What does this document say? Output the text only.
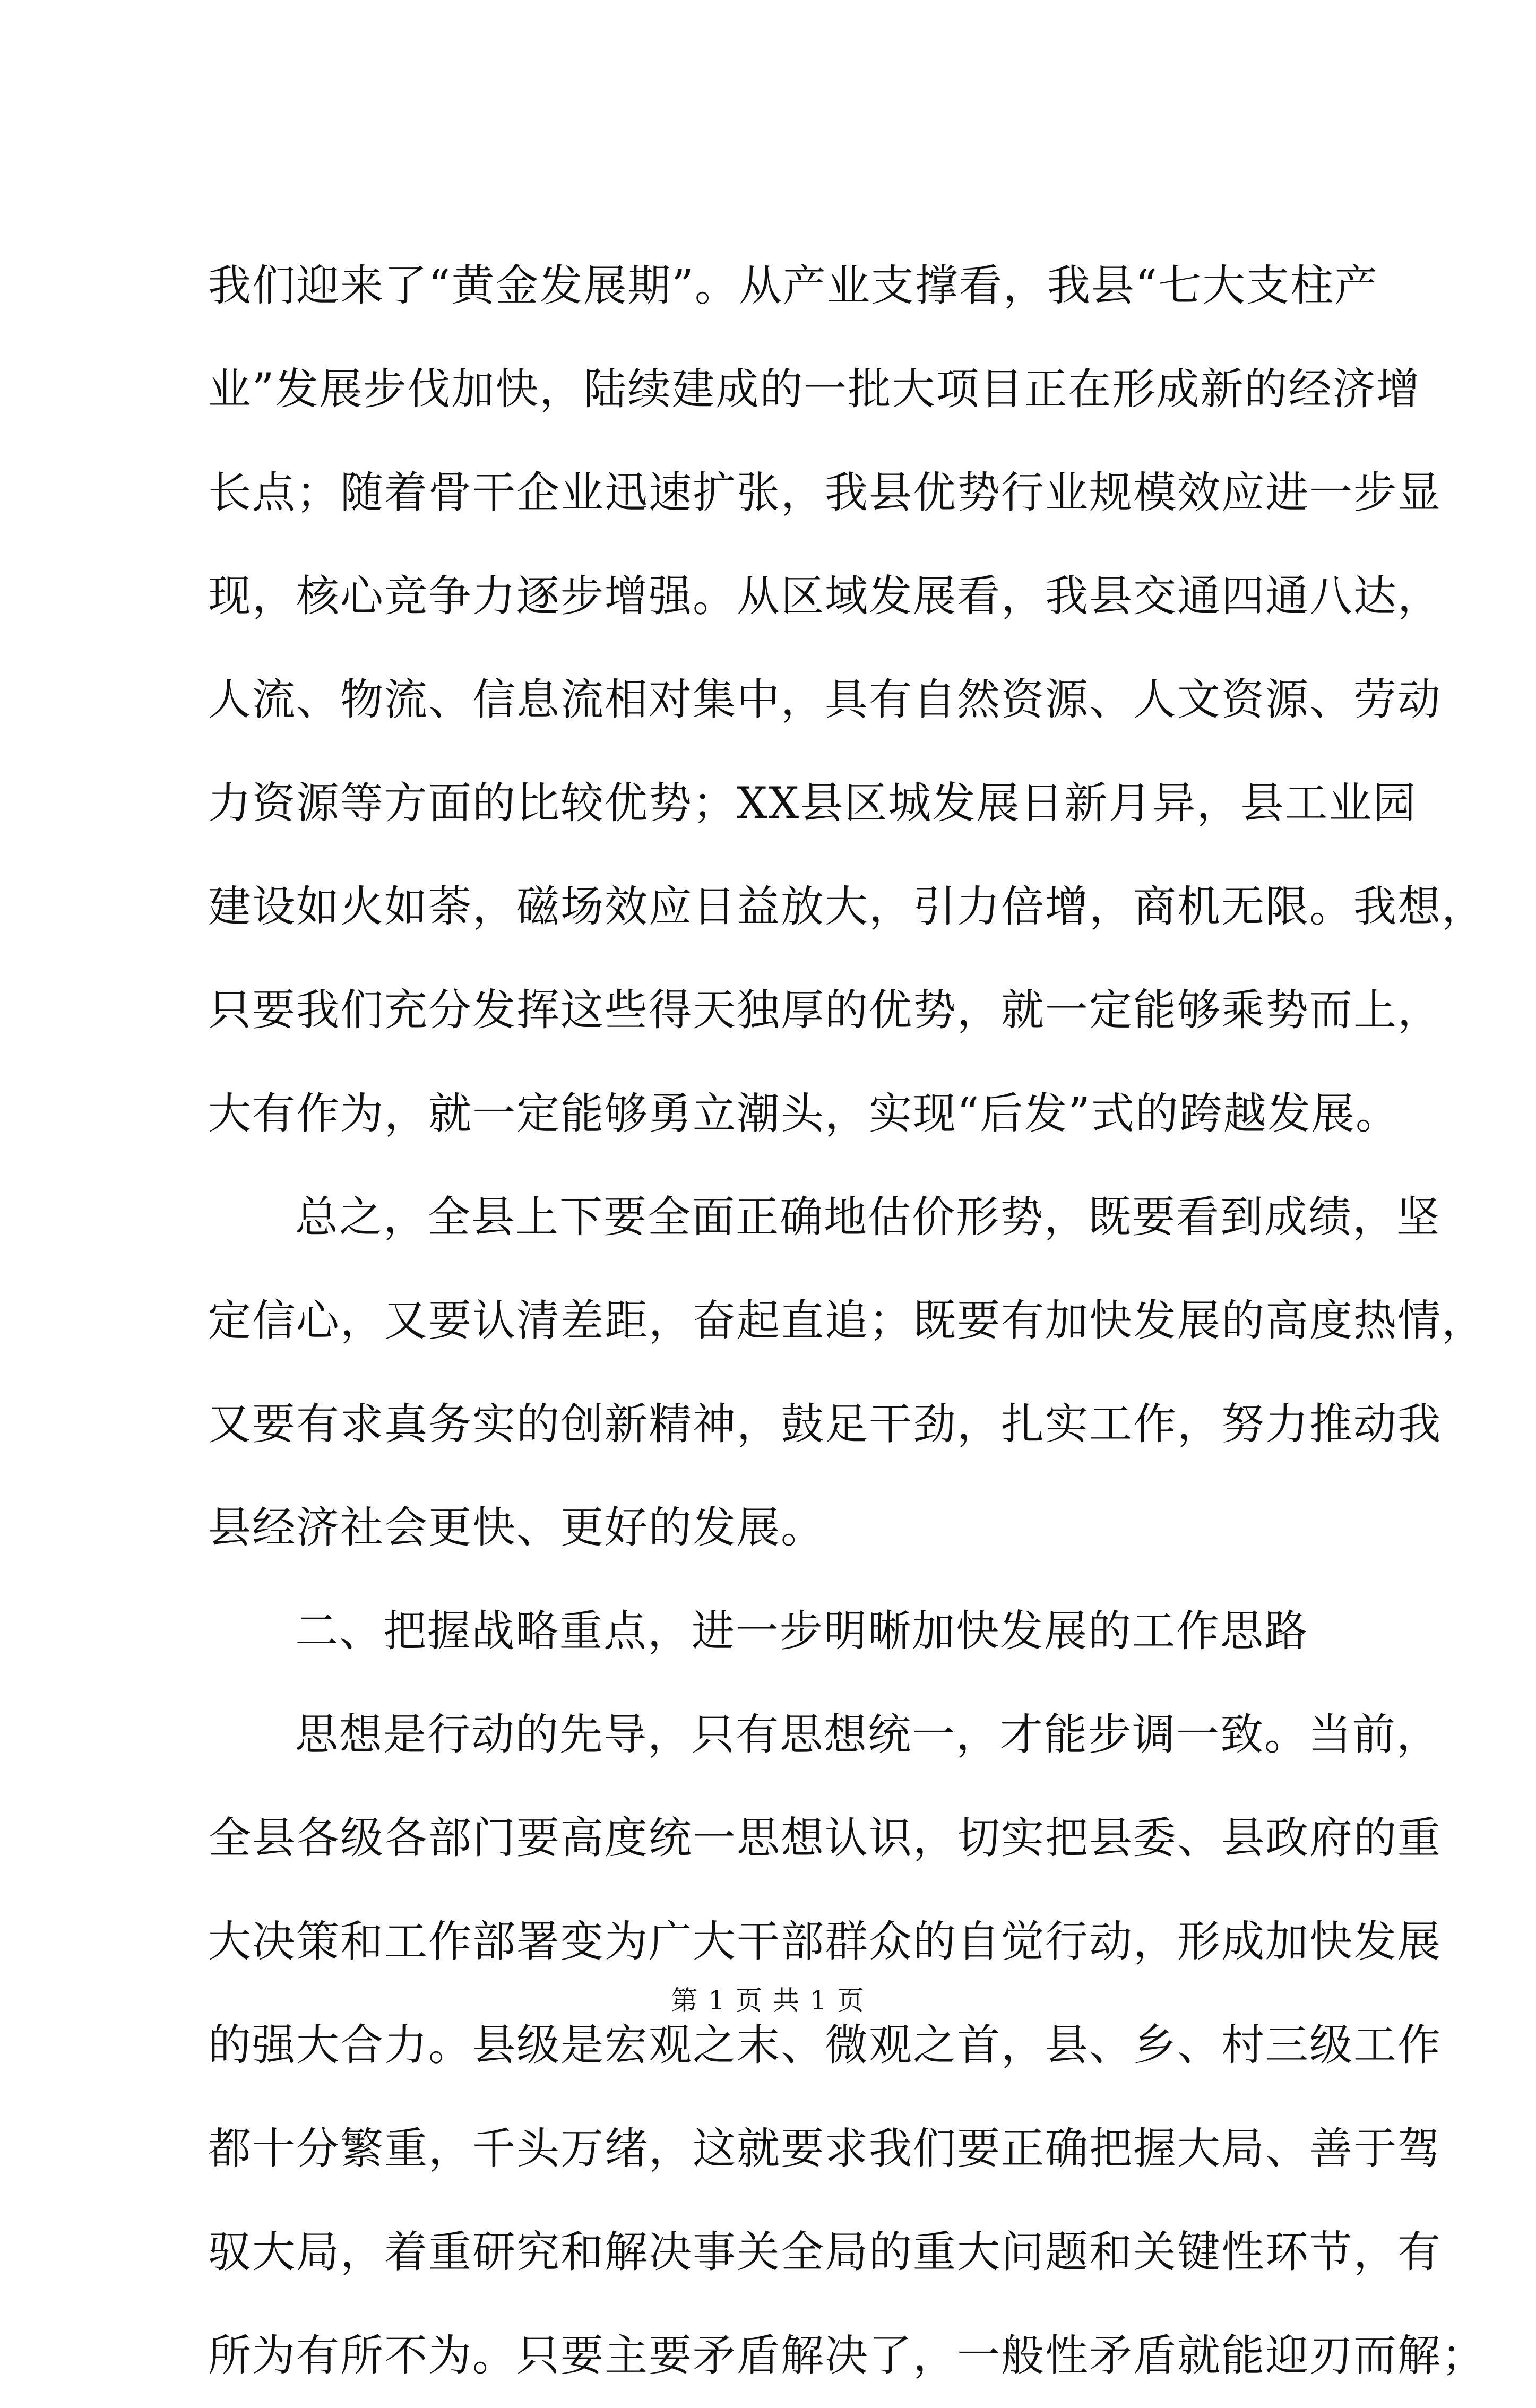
我们迎来了“黄金发展期”。从产业支撑看，我县“七大支柱产
业”发展步伐加快，陆续建成的一批大项目正在形成新的经济增
长点；随着骨干企业迅速扩张，我县优势行业规模效应进一步显
现，核心竞争力逐步增强。从区域发展看，我县交通四通八达，
人流、物流、信息流相对集中，具有自然资源、人文资源、劳动
力资源等方面的比较优势；XX县区城发展日新月异，县工业园
建设如火如荼，磁场效应日益放大，引力倍增，商机无限。我想，
只要我们充分发挥这些得天独厚的优势，就一定能够乘势而上，
大有作为，就一定能够勇立潮头，实现“后发”式的跨越发展。
总之，全县上下要全面正确地估价形势，既要看到成绩，坚
定信心，又要认清差距，奋起直追；既要有加快发展的高度热情，
又要有求真务实的创新精神，鼓足干劲，扎实工作，努力推动我
县经济社会更快、更好的发展。
二、把握战略重点，进一步明晰加快发展的工作思路
思想是行动的先导，只有思想统一，才能步调一致。当前，
全县各级各部门要高度统一思想认识，切实把县委、县政府的重
大决策和工作部署变为广大干部群众的自觉行动，形成加快发展
的强大合力。县级是宏观之末、微观之首，县、乡、村三级工作
都十分繁重，千头万绪，这就要求我们要正确把握大局、善于驾
驭大局，着重研究和解决事关全局的重大问题和关键性环节，有
所为有所不为。只要主要矛盾解决了，一般性矛盾就能迎刃而解；
第 1 页 共 1 页
